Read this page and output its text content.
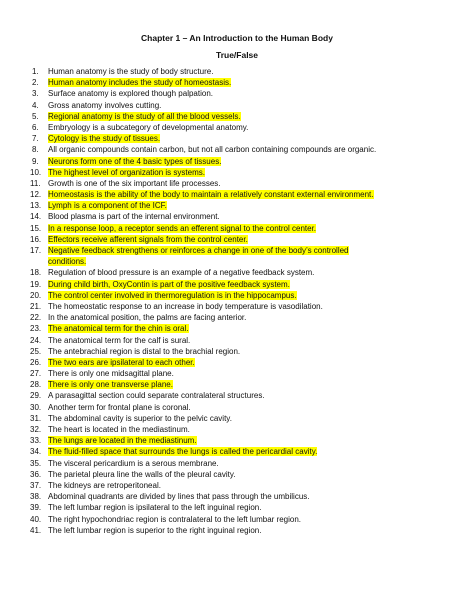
Chapter 1 – An Introduction to the Human Body
True/False
1.	Human anatomy is the study of body structure.
2.	Human anatomy includes the study of homeostasis.
3.	Surface anatomy is explored though palpation.
4.	Gross anatomy involves cutting.
5.	Regional anatomy is the study of all the blood vessels.
6.	Embryology is a subcategory of developmental anatomy.
7.	Cytology is the study of tissues.
8.	All organic compounds contain carbon, but not all carbon containing compounds are organic.
9.	Neurons form one of the 4 basic types of tissues.
10. The highest level of organization is systems.
11. Growth is one of the six important life processes.
12. Homeostasis is the ability of the body to maintain a relatively constant external environment.
13. Lymph is a component of the ICF.
14. Blood plasma is part of the internal environment.
15. In a response loop, a receptor sends an efferent signal to the control center.
16. Effectors receive afferent signals from the control center.
17. Negative feedback strengthens or reinforces a change in one of the body’s controlled
conditions.
18. Regulation of blood pressure is an example of a negative feedback system.
19. During child birth, OxyContin is part of the positive feedback system.
20. The control center involved in thermoregulation is in the hippocampus.
21. The homeostatic response to an increase in body temperature is vasodilation.
22. In the anatomical position, the palms are facing anterior.
23. The anatomical term for the chin is oral.
24. The anatomical term for the calf is sural.
25. The antebrachial region is distal to the brachial region.
26. The two ears are ipsilateral to each other.
27. There is only one midsagittal plane.
28. There is only one transverse plane.
29. A parasagittal section could separate contralateral structures.
30. Another term for frontal plane is coronal.
31. The abdominal cavity is superior to the pelvic cavity.
32. The heart is located in the mediastinum.
33. The lungs are located in the mediastinum.
34. The fluid-filled space that surrounds the lungs is called the pericardial cavity.
35. The visceral pericardium is a serous membrane.
36. The parietal pleura line the walls of the pleural cavity.
37. The kidneys are retroperitoneal.
38. Abdominal quadrants are divided by lines that pass through the umbilicus.
39. The left lumbar region is ipsilateral to the left inguinal region.
40. The right hypochondriac region is contralateral to the left lumbar region.
41. The left lumbar region is superior to the right inguinal region.
